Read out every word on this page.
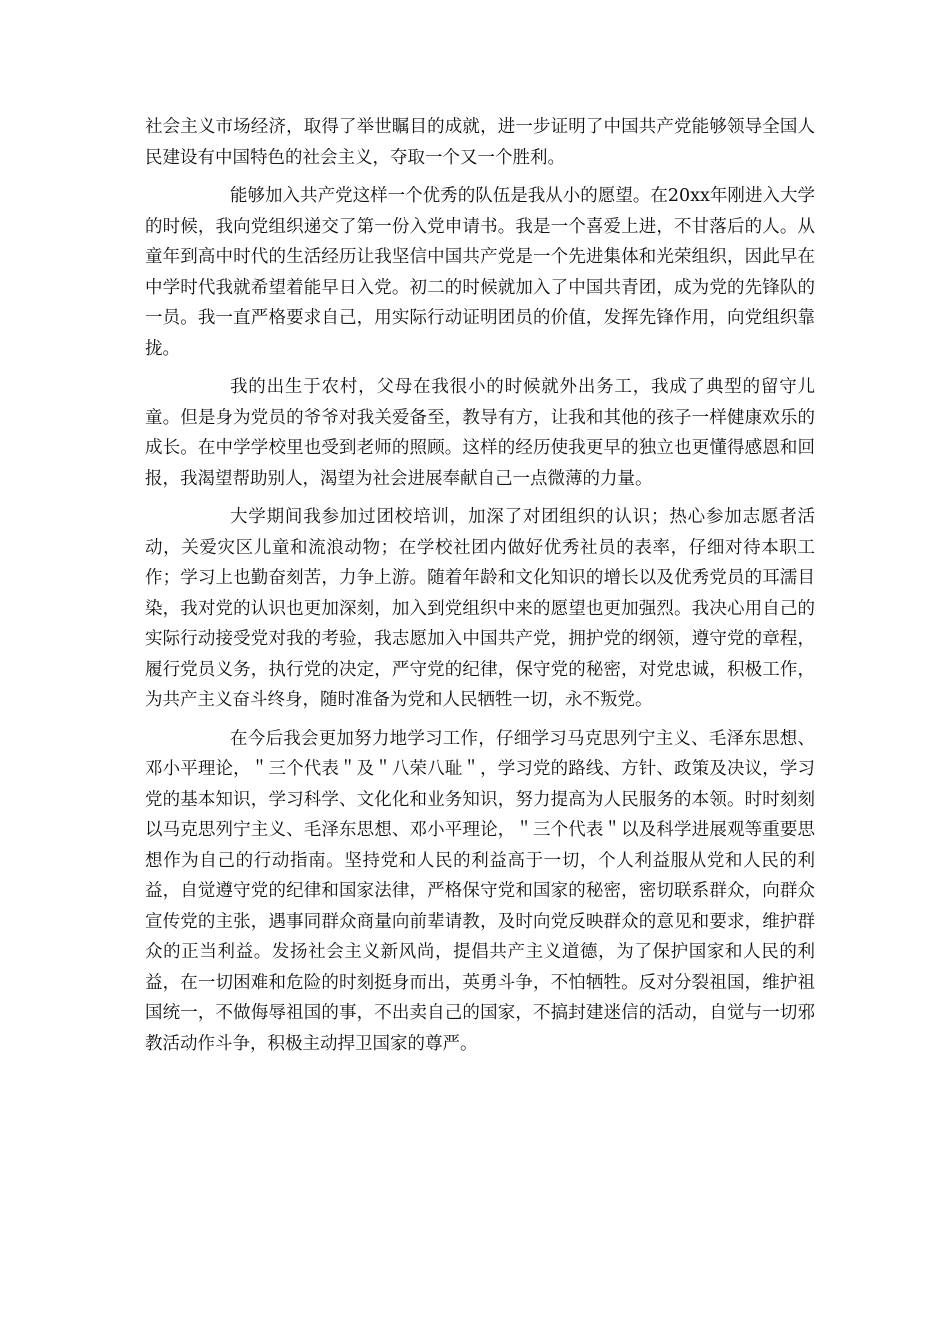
社会主义市场经济，取得了举世瞩目的成就，进一步证明了中国共产党能够领导全国人民建设有中国特色的社会主义，夺取一个又一个胜利。

能够加入共产党这样一个优秀的队伍是我从小的愿望。在20xx年刚进入大学的时候，我向党组织递交了第一份入党申请书。我是一个喜爱上进，不甘落后的人。从童年到高中时代的生活经历让我坚信中国共产党是一个先进集体和光荣组织，因此早在中学时代我就希望着能早日入党。初二的时候就加入了中国共青团，成为党的先锋队的一员。我一直严格要求自己，用实际行动证明团员的价值，发挥先锋作用，向党组织靠拢。

我的出生于农村，父母在我很小的时候就外出务工，我成了典型的留守儿童。但是身为党员的爷爷对我关爱备至，教导有方，让我和其他的孩子一样健康欢乐的成长。在中学学校里也受到老师的照顾。这样的经历使我更早的独立也更懂得感恩和回报，我渴望帮助别人，渴望为社会进展奉献自己一点微薄的力量。

大学期间我参加过团校培训，加深了对团组织的认识；热心参加志愿者活动，关爱灾区儿童和流浪动物；在学校社团内做好优秀社员的表率，仔细对待本职工作；学习上也勤奋刻苦，力争上游。随着年龄和文化知识的增长以及优秀党员的耳濡目染，我对党的认识也更加深刻，加入到党组织中来的愿望也更加强烈。我决心用自己的实际行动接受党对我的考验，我志愿加入中国共产党，拥护党的纲领，遵守党的章程，履行党员义务，执行党的决定，严守党的纪律，保守党的秘密，对党忠诚，积极工作，为共产主义奋斗终身，随时准备为党和人民牺牲一切，永不叛党。

在今后我会更加努力地学习工作，仔细学习马克思列宁主义、毛泽东思想、邓小平理论，＂三个代表＂及＂八荣八耻＂，学习党的路线、方针、政策及决议，学习党的基本知识，学习科学、文化化和业务知识，努力提高为人民服务的本领。时时刻刻以马克思列宁主义、毛泽东思想、邓小平理论，＂三个代表＂以及科学进展观等重要思想作为自己的行动指南。坚持党和人民的利益高于一切，个人利益服从党和人民的利益，自觉遵守党的纪律和国家法律，严格保守党和国家的秘密，密切联系群众，向群众宣传党的主张，遇事同群众商量向前辈请教，及时向党反映群众的意见和要求，维护群众的正当利益。发扬社会主义新风尚，提倡共产主义道德，为了保护国家和人民的利益，在一切困难和危险的时刻挺身而出，英勇斗争，不怕牺牲。反对分裂祖国，维护祖国统一，不做侮辱祖国的事，不出卖自己的国家，不搞封建迷信的活动，自觉与一切邪教活动作斗争，积极主动捍卫国家的尊严。
